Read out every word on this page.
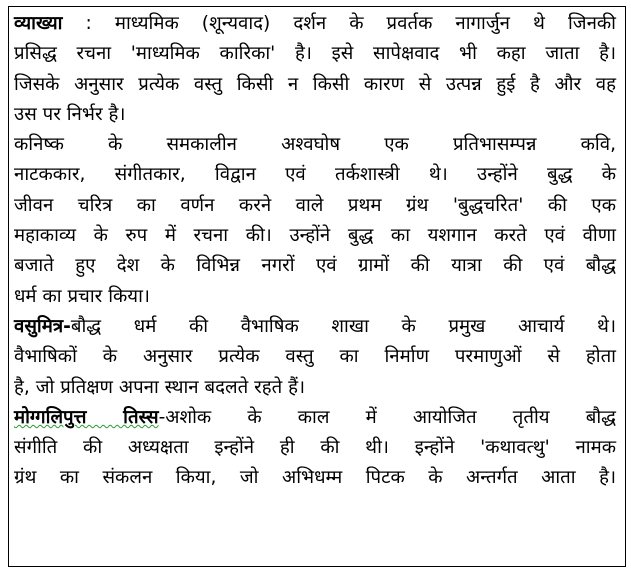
व्याख्या : माध्यमिक (शून्यवाद) दर्शन के प्रवर्तक नागार्जुन थे जिनकी
प्रसिद्ध रचना 'माध्यमिक कारिका' है। इसे सापेक्षवाद भी कहा जाता है।
जिसके अनुसार प्रत्येक वस्तु किसी न किसी कारण से उत्पन्न हुई है और वह
उस पर निर्भर है।
कनिष्क के समकालीन अश्वघोष एक प्रतिभासम्पन्न कवि,
नाटककार, संगीतकार, विद्वान एवं तर्कशास्त्री थे। उन्होंने बुद्ध के
जीवन चरित्र का वर्णन करने वाले प्रथम ग्रंथ 'बुद्धचरित' की एक
महाकाव्य के रुप में रचना की। उन्होंने बुद्ध का यशगान करते एवं वीणा
बजाते हुए देश के विभिन्न नगरों एवं ग्रामों की यात्रा की एवं बौद्ध
धर्म का प्रचार किया।
वसुमित्र-बौद्ध धर्म की वैभाषिक शाखा के प्रमुख आचार्य थे।
वैभाषिकों के अनुसार प्रत्येक वस्तु का निर्माण परमाणुओं से होता
है, जो प्रतिक्षण अपना स्थान बदलते रहते हैं।
मोग्गलिपुत्त तिस्स-अशोक के काल में आयोजित तृतीय बौद्ध
संगीति की अध्यक्षता इन्होंने ही की थी। इन्होंने 'कथावत्थु' नामक
ग्रंथ का संकलन किया, जो अभिधम्म पिटक के अन्तर्गत आता है।
